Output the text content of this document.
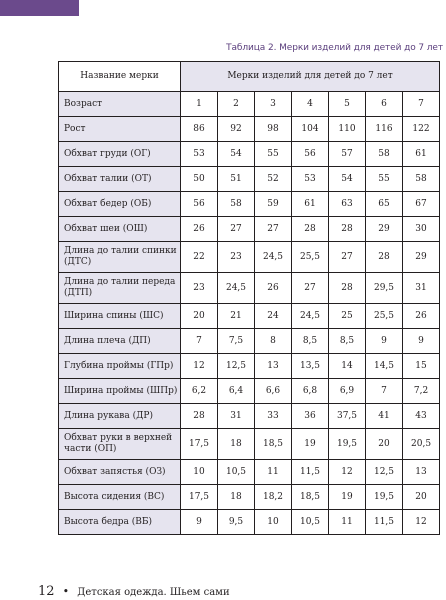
Таблица 2. Мерки изделий для детей до 7 лет
Название мерки	Мерки изделий для детей до 7 лет						
Возраст	1	2	3	4	5	6	7
Рост	86	92	98	104	110	116	122
Обхват груди (ОГ)	53	54	55	56	57	58	61
Обхват талии (ОТ)	50	51	52	53	54	55	58
Обхват бедер (ОБ)	56	58	59	61	63	65	67
Обхват шеи (ОШ)	26	27	27	28	28	29	30
Длина до талии спинки (ДТС)	22	23	24,5	25,5	27	28	29
Длина до талии переда (ДТП)	23	24,5	26	27	28	29,5	31
Ширина спины (ШС)	20	21	24	24,5	25	25,5	26
Длина плеча (ДП)	7	7,5	8	8,5	8,5	9	9
Глубина проймы (ГПр)	12	12,5	13	13,5	14	14,5	15
Ширина проймы (ШПр)	6,2	6,4	6,6	6,8	6,9	7	7,2
Длина рукава (ДР)	28	31	33	36	37,5	41	43
Обхват руки в верхней части (ОП)	17,5	18	18,5	19	19,5	20	20,5
Обхват запястья (ОЗ)	10	10,5	11	11,5	12	12,5	13
Высота сидения (ВС)	17,5	18	18,2	18,5	19	19,5	20
Высота бедра (ВБ)	9	9,5	10	10,5	11	11,5	12
12 • Детская одежда. Шьем сами
